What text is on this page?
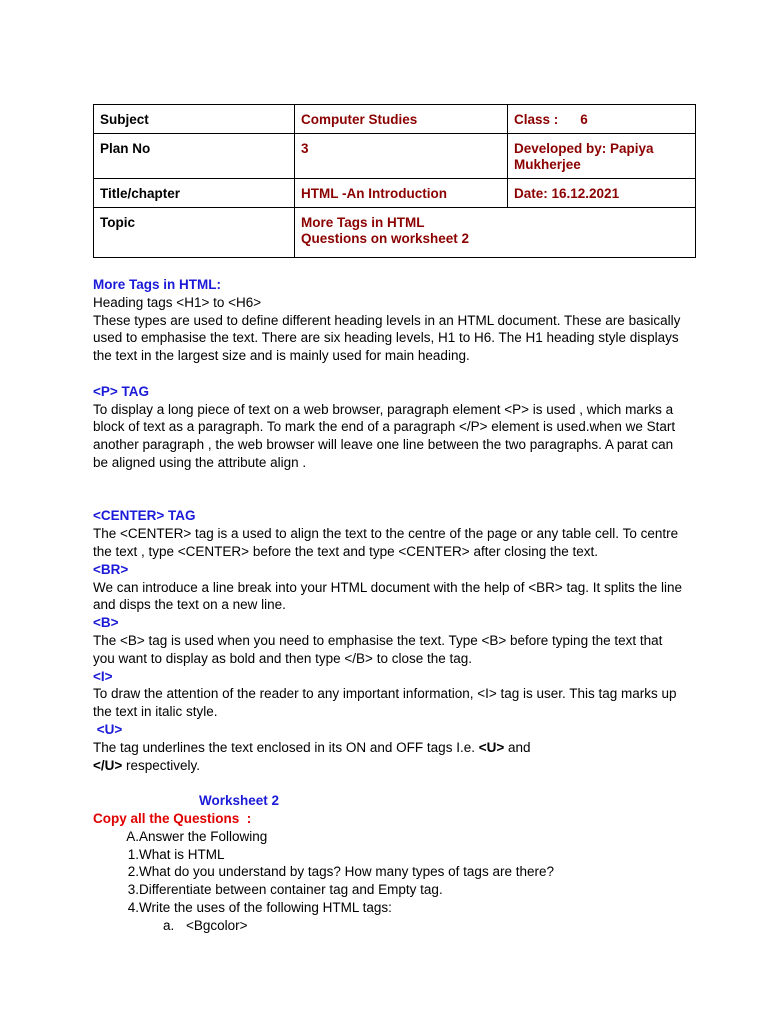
Subject	Computer Studies	Class : 6
Plan No	3	Developed by: Papiya Mukherjee
Title/chapter	HTML -An Introduction	Date: 16.12.2021
Topic	More Tags in HTML
Questions on worksheet 2	

More Tags in HTML:

Heading tags <H1> to <H6>

These types are used to define different heading levels in an HTML document. These are basically used to emphasise the text. There are six heading levels, H1 to H6. The H1 heading style displays the text in the largest size and is mainly used for main heading.

<P> TAG

To display a long piece of text on a web browser, paragraph element <P> is used , which marks a block of text as a paragraph. To mark the end of a paragraph </P> element is used.when we Start another paragraph , the web browser will leave one line between the two paragraphs. A parat can be aligned using the attribute align .

<CENTER> TAG

The <CENTER> tag is a used to align the text to the centre of the page or any table cell. To centre the text , type <CENTER> before the text and type <CENTER> after closing the text.

<BR>

We can introduce a line break into your HTML document with the help of <BR> tag. It splits the line and disps the text on a new line.

<B>

The <B> tag is used when you need to emphasise the text. Type <B> before typing the text that you want to display as bold and then type </B> to close the tag.

<I>

To draw the attention of the reader to any important information, <I> tag is user. This tag marks up the text in italic style.

<U>

The tag underlines the text enclosed in its ON and OFF tags I.e. <U> and
</U> respectively.

Worksheet 2

Copy all the Questions  :

A. Answer the Following
1. What is HTML
2. What do you understand by tags? How many types of tags are there?
3. Differentiate between container tag and Empty tag.
4. Write the uses of the following HTML tags:
a. <Bgcolor>
